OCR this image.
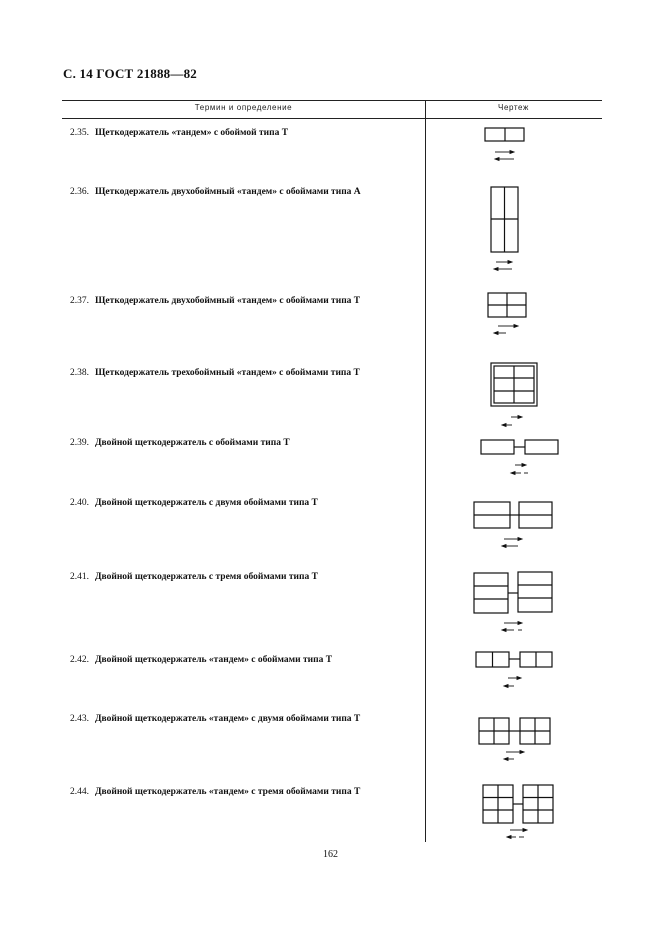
С. 14 ГОСТ 21888—82
Термин и определение	Чертеж
2.35. Щеткодержатель «тандем» с обоймой типа Т
2.36. Щеткодержатель двухобоймный «тандем» с обоймами типа А
2.37. Щеткодержатель двухобоймный «тандем» с обоймами типа Т
2.38. Щеткодержатель трехобоймный «тандем» с обоймами типа Т
2.39. Двойной щеткодержатель с обоймами типа Т
2.40. Двойной щеткодержатель с двумя обоймами типа Т
2.41. Двойной щеткодержатель с тремя обоймами типа Т
2.42. Двойной щеткодержатель «тандем» с обоймами типа Т
2.43. Двойной щеткодержатель «тандем» с двумя обоймами типа Т
2.44. Двойной щеткодержатель «тандем» с тремя обоймами типа Т
162
